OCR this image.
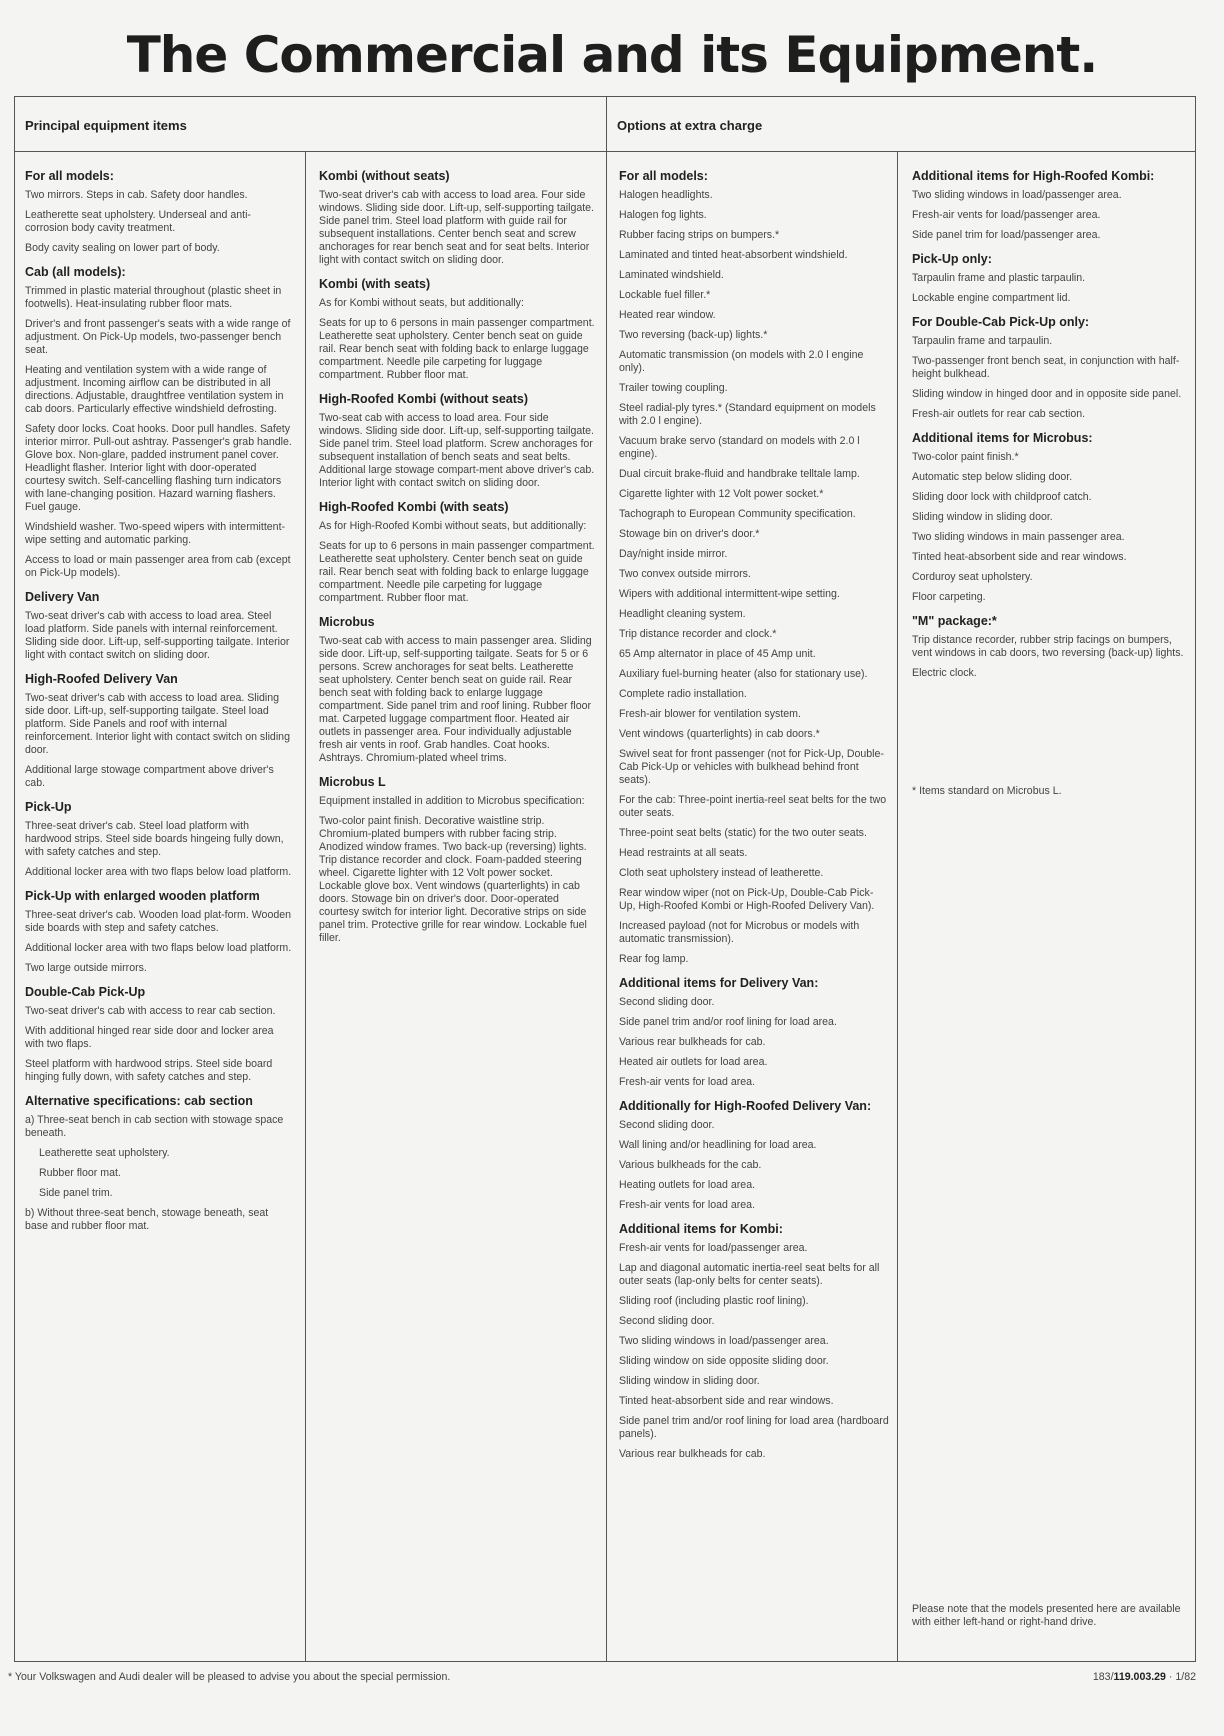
The Commercial and its Equipment.
Principal equipment items	Options at extra charge
For all models:

Two mirrors. Steps in cab. Safety door handles.

Leatherette seat upholstery. Underseal and anti-corrosion body cavity treatment.

Body cavity sealing on lower part of body.

Cab (all models):

Trimmed in plastic material throughout (plastic sheet in footwells). Heat-insulating rubber floor mats.

Driver's and front passenger's seats with a wide range of adjustment. On Pick-Up models, two-passenger bench seat.

Heating and ventilation system with a wide range of adjustment. Incoming airflow can be distributed in all directions. Adjustable, draughtfree ventilation system in cab doors. Particularly effective windshield defrosting.

Safety door locks. Coat hooks. Door pull handles. Safety interior mirror. Pull-out ashtray. Passenger's grab handle. Glove box. Non-glare, padded instrument panel cover. Headlight flasher. Interior light with door-operated courtesy switch. Self-cancelling flashing turn indicators with lane-changing position. Hazard warning flashers. Fuel gauge.

Windshield washer. Two-speed wipers with intermittent-wipe setting and automatic parking.

Access to load or main passenger area from cab (except on Pick-Up models).

Delivery Van

Two-seat driver's cab with access to load area. Steel load platform. Side panels with internal reinforcement. Sliding side door. Lift-up, self-supporting tailgate. Interior light with contact switch on sliding door.

High-Roofed Delivery Van

Two-seat driver's cab with access to load area. Sliding side door. Lift-up, self-supporting tailgate. Steel load platform. Side Panels and roof with internal reinforcement. Interior light with contact switch on sliding door.

Additional large stowage compartment above driver's cab.

Pick-Up

Three-seat driver's cab. Steel load platform with hardwood strips. Steel side boards hingeing fully down, with safety catches and step.

Additional locker area with two flaps below load platform.

Pick-Up with enlarged wooden platform

Three-seat driver's cab. Wooden load plat-form. Wooden side boards with step and safety catches.

Additional locker area with two flaps below load platform.

Two large outside mirrors.

Double-Cab Pick-Up

Two-seat driver's cab with access to rear cab section.

With additional hinged rear side door and locker area with two flaps.

Steel platform with hardwood strips. Steel side board hinging fully down, with safety catches and step.

Alternative specifications: cab section

a) Three-seat bench in cab section with stowage space beneath.

Leatherette seat upholstery.

Rubber floor mat.

Side panel trim.

b) Without three-seat bench, stowage beneath, seat base and rubber floor mat.

Kombi (without seats)

Two-seat driver's cab with access to load area. Four side windows. Sliding side door. Lift-up, self-supporting tailgate. Side panel trim. Steel load platform with guide rail for subsequent installations. Center bench seat and screw anchorages for rear bench seat and for seat belts. Interior light with contact switch on sliding door.

Kombi (with seats)

As for Kombi without seats, but additionally:

Seats for up to 6 persons in main passenger compartment. Leatherette seat upholstery. Center bench seat on guide rail. Rear bench seat with folding back to enlarge luggage compartment. Needle pile carpeting for luggage compartment. Rubber floor mat.

High-Roofed Kombi (without seats)

Two-seat cab with access to load area. Four side windows. Sliding side door. Lift-up, self-supporting tailgate. Side panel trim. Steel load platform. Screw anchorages for subsequent installation of bench seats and seat belts. Additional large stowage compart-ment above driver's cab. Interior light with contact switch on sliding door.

High-Roofed Kombi (with seats)

As for High-Roofed Kombi without seats, but additionally:

Seats for up to 6 persons in main passenger compartment. Leatherette seat upholstery. Center bench seat on guide rail. Rear bench seat with folding back to enlarge luggage compartment. Needle pile carpeting for luggage compartment. Rubber floor mat.

Microbus

Two-seat cab with access to main passenger area. Sliding side door. Lift-up, self-supporting tailgate. Seats for 5 or 6 persons. Screw anchorages for seat belts. Leatherette seat upholstery. Center bench seat on guide rail. Rear bench seat with folding back to enlarge luggage compartment. Side panel trim and roof lining. Rubber floor mat. Carpeted luggage compartment floor. Heated air outlets in passenger area. Four individually adjustable fresh air vents in roof. Grab handles. Coat hooks. Ashtrays. Chromium-plated wheel trims.

Microbus L

Equipment installed in addition to Microbus specification:

Two-color paint finish. Decorative waistline strip. Chromium-plated bumpers with rubber facing strip. Anodized window frames. Two back-up (reversing) lights. Trip distance recorder and clock. Foam-padded steering wheel. Cigarette lighter with 12 Volt power socket. Lockable glove box. Vent windows (quarterlights) in cab doors. Stowage bin on driver's door. Door-operated courtesy switch for interior light. Decorative strips on side panel trim. Protective grille for rear window. Lockable fuel filler.

For all models:

Halogen headlights.

Halogen fog lights.

Rubber facing strips on bumpers.*

Laminated and tinted heat-absorbent windshield.

Laminated windshield.

Lockable fuel filler.*

Heated rear window.

Two reversing (back-up) lights.*

Automatic transmission (on models with 2.0 l engine only).

Trailer towing coupling.

Steel radial-ply tyres.* (Standard equipment on models with 2.0 l engine).

Vacuum brake servo (standard on models with 2.0 l engine).

Dual circuit brake-fluid and handbrake telltale lamp.

Cigarette lighter with 12 Volt power socket.*

Tachograph to European Community specification.

Stowage bin on driver's door.*

Day/night inside mirror.

Two convex outside mirrors.

Wipers with additional intermittent-wipe setting.

Headlight cleaning system.

Trip distance recorder and clock.*

65 Amp alternator in place of 45 Amp unit.

Auxiliary fuel-burning heater (also for stationary use).

Complete radio installation.

Fresh-air blower for ventilation system.

Vent windows (quarterlights) in cab doors.*

Swivel seat for front passenger (not for Pick-Up, Double-Cab Pick-Up or vehicles with bulkhead behind front seats).

For the cab: Three-point inertia-reel seat belts for the two outer seats.

Three-point seat belts (static) for the two outer seats.

Head restraints at all seats.

Cloth seat upholstery instead of leatherette.

Rear window wiper (not on Pick-Up, Double-Cab Pick-Up, High-Roofed Kombi or High-Roofed Delivery Van).

Increased payload (not for Microbus or models with automatic transmission).

Rear fog lamp.

Additional items for Delivery Van:

Second sliding door.

Side panel trim and/or roof lining for load area.

Various rear bulkheads for cab.

Heated air outlets for load area.

Fresh-air vents for load area.

Additionally for High-Roofed Delivery Van:

Second sliding door.

Wall lining and/or headlining for load area.

Various bulkheads for the cab.

Heating outlets for load area.

Fresh-air vents for load area.

Additional items for Kombi:

Fresh-air vents for load/passenger area.

Lap and diagonal automatic inertia-reel seat belts for all outer seats (lap-only belts for center seats).

Sliding roof (including plastic roof lining).

Second sliding door.

Two sliding windows in load/passenger area.

Sliding window on side opposite sliding door.

Sliding window in sliding door.

Tinted heat-absorbent side and rear windows.

Side panel trim and/or roof lining for load area (hardboard panels).

Various rear bulkheads for cab.

Additional items for High-Roofed Kombi:

Two sliding windows in load/passenger area.

Fresh-air vents for load/passenger area.

Side panel trim for load/passenger area.

Pick-Up only:

Tarpaulin frame and plastic tarpaulin.

Lockable engine compartment lid.

For Double-Cab Pick-Up only:

Tarpaulin frame and tarpaulin.

Two-passenger front bench seat, in conjunction with half-height bulkhead.

Sliding window in hinged door and in opposite side panel.

Fresh-air outlets for rear cab section.

Additional items for Microbus:

Two-color paint finish.*

Automatic step below sliding door.

Sliding door lock with childproof catch.

Sliding window in sliding door.

Two sliding windows in main passenger area.

Tinted heat-absorbent side and rear windows.

Corduroy seat upholstery.

Floor carpeting.

"M" package:*

Trip distance recorder, rubber strip facings on bumpers, vent windows in cab doors, two reversing (back-up) lights.

Electric clock.

* Items standard on Microbus L.

Please note that the models presented here are available with either left-hand or right-hand drive.

* Your Volkswagen and Audi dealer will be pleased to advise you about the special permission.	183/119.003.29 · 1/82
